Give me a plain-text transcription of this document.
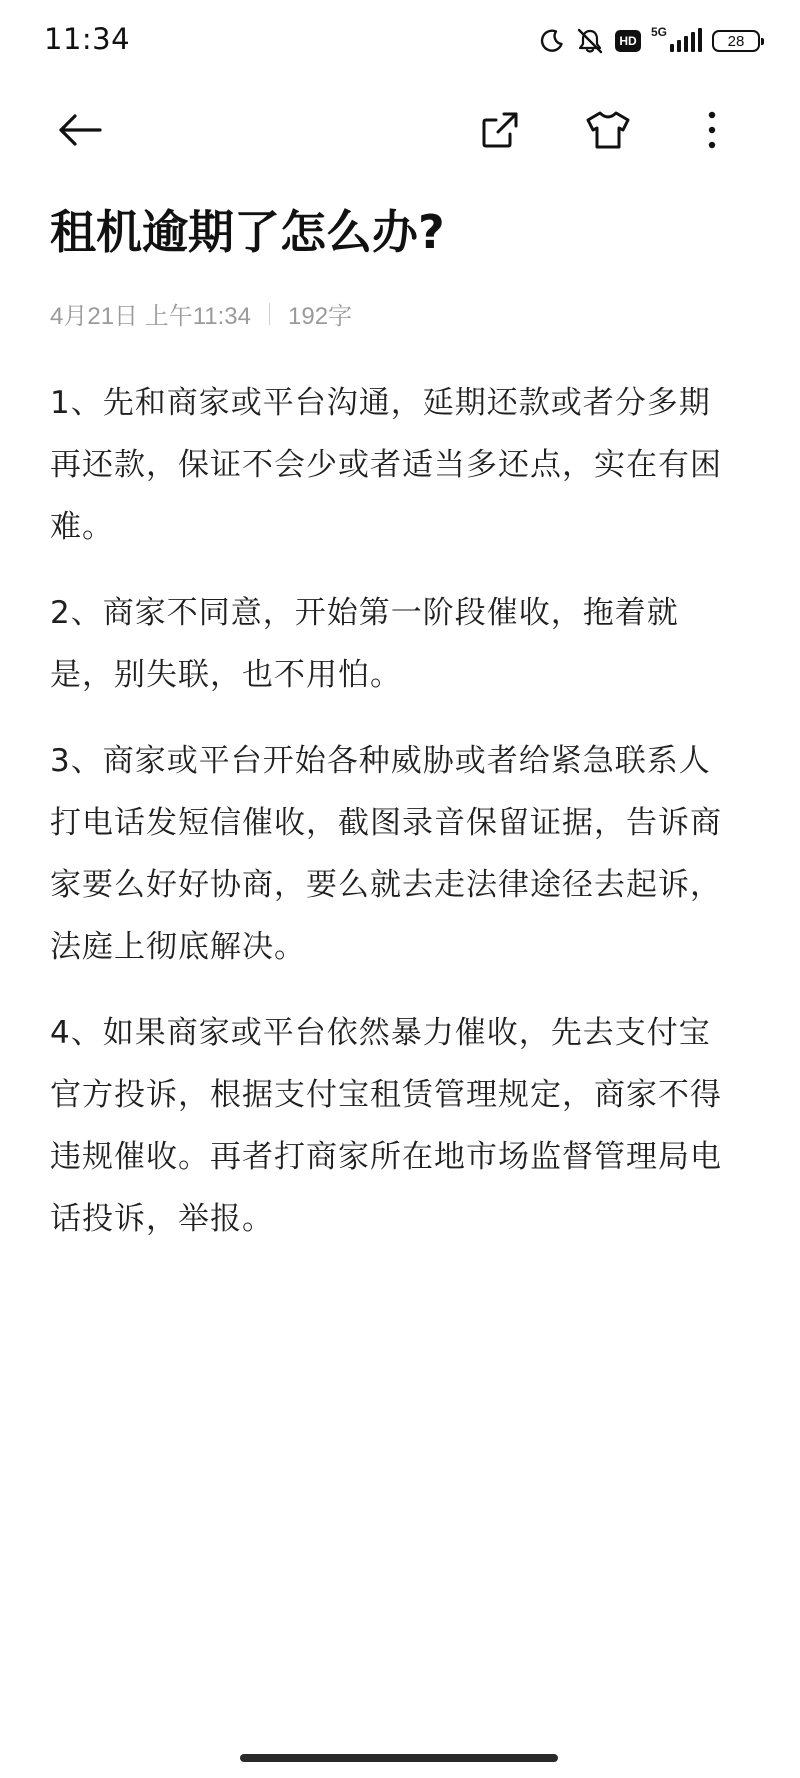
11:34	HD
5G
28
租机逾期了怎么办?
4月21日 上午11:34 192字

1、先和商家或平台沟通，延期还款或者分多期再还款，保证不会少或者适当多还点，实在有困难。

2、商家不同意，开始第一阶段催收，拖着就是，别失联，也不用怕。

3、商家或平台开始各种威胁或者给紧急联系人打电话发短信催收，截图录音保留证据，告诉商家要么好好协商，要么就去走法律途径去起诉，法庭上彻底解决。

4、如果商家或平台依然暴力催收，先去支付宝官方投诉，根据支付宝租赁管理规定，商家不得违规催收。再者打商家所在地市场监督管理局电话投诉，举报。
